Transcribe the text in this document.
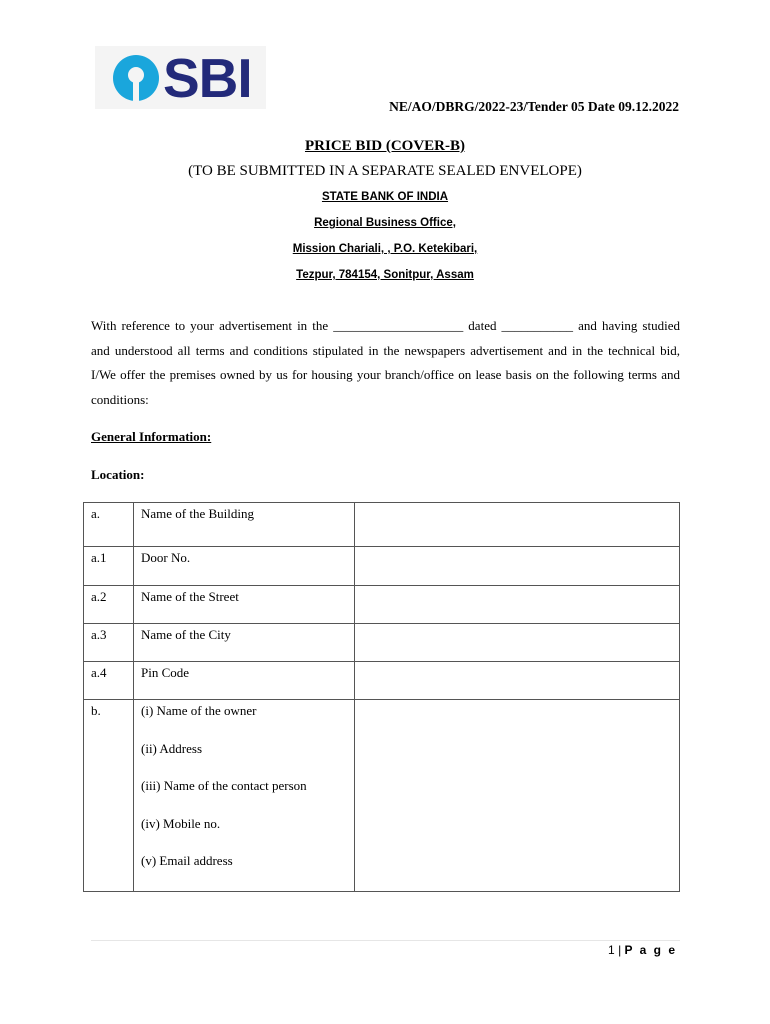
SBI	NE/AO/DBRG/2022-23/Tender 05 Date 09.12.2022
PRICE BID (COVER-B)
(TO BE SUBMITTED IN A SEPARATE SEALED ENVELOPE)
STATE BANK OF INDIA
Regional Business Office,
Mission Chariali, , P.O. Ketekibari,
Tezpur, 784154, Sonitpur, Assam
With reference to your advertisement in the ____________________ dated ___________ and having studied and understood all terms and conditions stipulated in the newspapers advertisement and in the technical bid, I/We offer the premises owned by us for housing your branch/office on lease basis on the following terms and conditions:
General Information:
Location:
a.	Name of the Building	
a.1	Door No.	
a.2	Name of the Street	
a.3	Name of the City	
a.4	Pin Code	
b.	(i) Name of the owner
(ii) Address
(iii) Name of the contact person
(iv) Mobile no.
(v) Email address	

1 | P a g e
